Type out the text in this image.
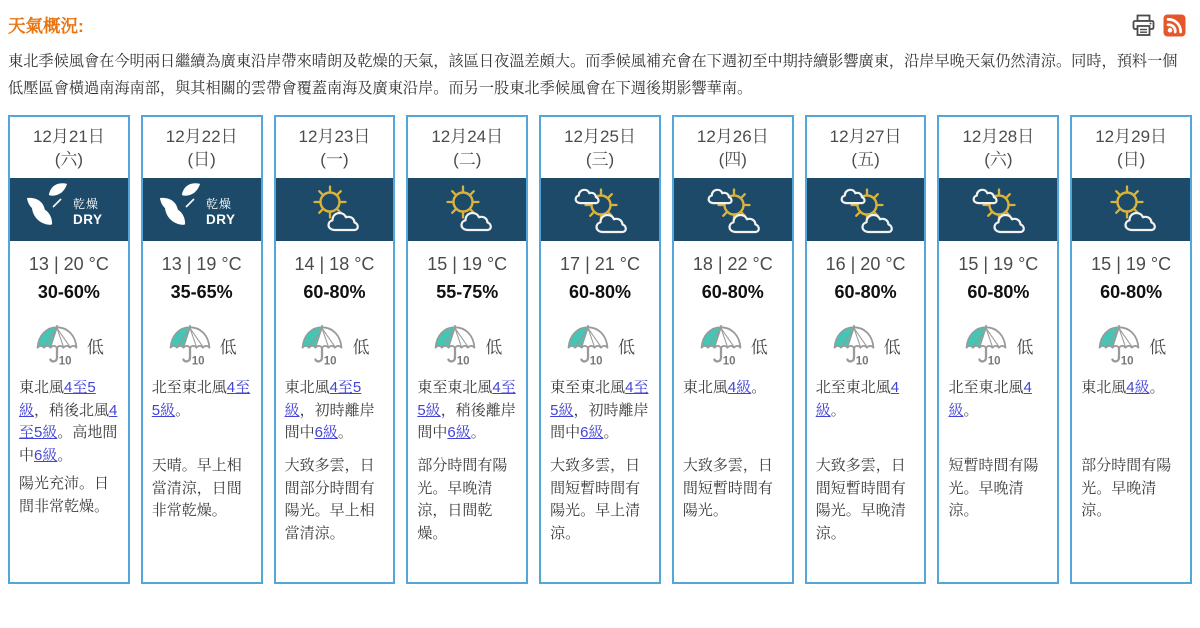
天氣概況:
東北季候風會在今明兩日繼續為廣東沿岸帶來晴朗及乾燥的天氣，該區日夜溫差頗大。而季候風補充會在下週初至中期持續影響廣東，沿岸早晚天氣仍然清涼。同時，預料一個低壓區會橫過南海南部，與其相關的雲帶會覆蓋南海及廣東沿岸。而另一股東北季候風會在下週後期影響華南。
12月21日
(六)
乾燥
DRY
13 | 20 °C
30-60%
10
低
東北風4至5級，稍後北風4至5級。高地間中6級。
陽光充沛。日間非常乾燥。
12月22日
(日)
乾燥
DRY
13 | 19 °C
35-65%
10
低
北至東北風4至5級。
天晴。早上相當清涼，日間非常乾燥。
12月23日
(一)
14 | 18 °C
60-80%
10
低
東北風4至5級，初時離岸間中6級。
大致多雲，日間部分時間有陽光。早上相當清涼。
12月24日
(二)
15 | 19 °C
55-75%
10
低
東至東北風4至5級，稍後離岸間中6級。
部分時間有陽光。早晚清涼，日間乾燥。
12月25日
(三)
17 | 21 °C
60-80%
10
低
東至東北風4至5級，初時離岸間中6級。
大致多雲，日間短暫時間有陽光。早上清涼。
12月26日
(四)
18 | 22 °C
60-80%
10
低
東北風4級。
大致多雲，日間短暫時間有陽光。
12月27日
(五)
16 | 20 °C
60-80%
10
低
北至東北風4級。
大致多雲，日間短暫時間有陽光。早晚清涼。
12月28日
(六)
15 | 19 °C
60-80%
10
低
北至東北風4級。
短暫時間有陽光。早晚清涼。
12月29日
(日)
15 | 19 °C
60-80%
10
低
東北風4級。
部分時間有陽光。早晚清涼。
